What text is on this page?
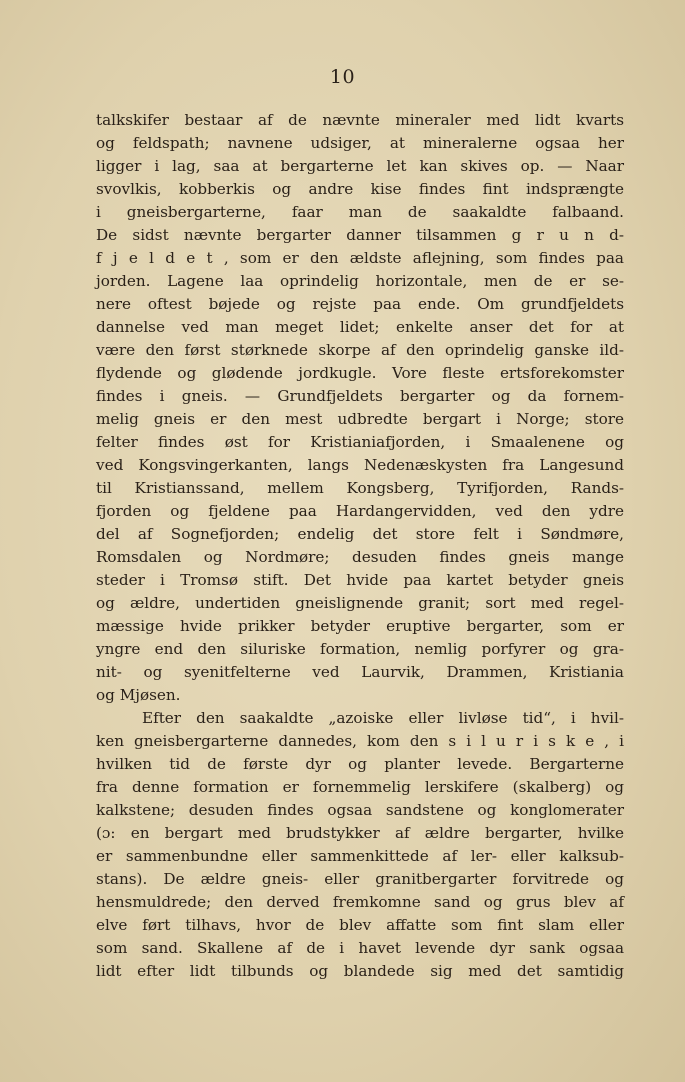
10
talkskifer bestaar af de nævnte mineraler med lidt kvarts
og feldspath; navnene udsiger, at mineralerne ogsaa her
ligger i lag, saa at bergarterne let kan skives op. — Naar
svovlkis, kobberkis og andre kise findes fint indsprængte
i gneisbergarterne, faar man de saakaldte falbaand.
De sidst nævnte bergarter danner tilsammen g r u n d-
f j e l d e t , som er den ældste aflejning, som findes paa
jorden. Lagene laa oprindelig horizontale, men de er se-
nere oftest bøjede og rejste paa ende. Om grundfjeldets
dannelse ved man meget lidet; enkelte anser det for at
være den først størknede skorpe af den oprindelig ganske ild-
flydende og glødende jordkugle. Vore fleste ertsforekomster
findes i gneis. — Grundfjeldets bergarter og da fornem-
melig gneis er den mest udbredte bergart i Norge; store
felter findes øst for Kristianiafjorden, i Smaalenene og
ved Kongsvingerkanten, langs Nedenæskysten fra Langesund
til Kristianssand, mellem Kongsberg, Tyrifjorden, Rands-
fjorden og fjeldene paa Hardangervidden, ved den ydre
del af Sognefjorden; endelig det store felt i Søndmøre,
Romsdalen og Nordmøre; desuden findes gneis mange
steder i Tromsø stift. Det hvide paa kartet betyder gneis
og ældre, undertiden gneislignende granit; sort med regel-
mæssige hvide prikker betyder eruptive bergarter, som er
yngre end den siluriske formation, nemlig porfyrer og gra-
nit- og syenitfelterne ved Laurvik, Drammen, Kristiania
og Mjøsen.
Efter den saakaldte „azoiske eller livløse tid“, i hvil-
ken gneisbergarterne dannedes, kom den s i l u r i s k e , i
hvilken tid de første dyr og planter levede. Bergarterne
fra denne formation er fornemmelig lerskifere (skalberg) og
kalkstene; desuden findes ogsaa sandstene og konglomerater
(ɔ: en bergart med brudstykker af ældre bergarter, hvilke
er sammenbundne eller sammenkittede af ler- eller kalksub-
stans). De ældre gneis- eller granitbergarter forvitrede og
hensmuldrede; den derved fremkomne sand og grus blev af
elve ført tilhavs, hvor de blev affatte som fint slam eller
som sand. Skallene af de i havet levende dyr sank ogsaa
lidt efter lidt tilbunds og blandede sig med det samtidig
